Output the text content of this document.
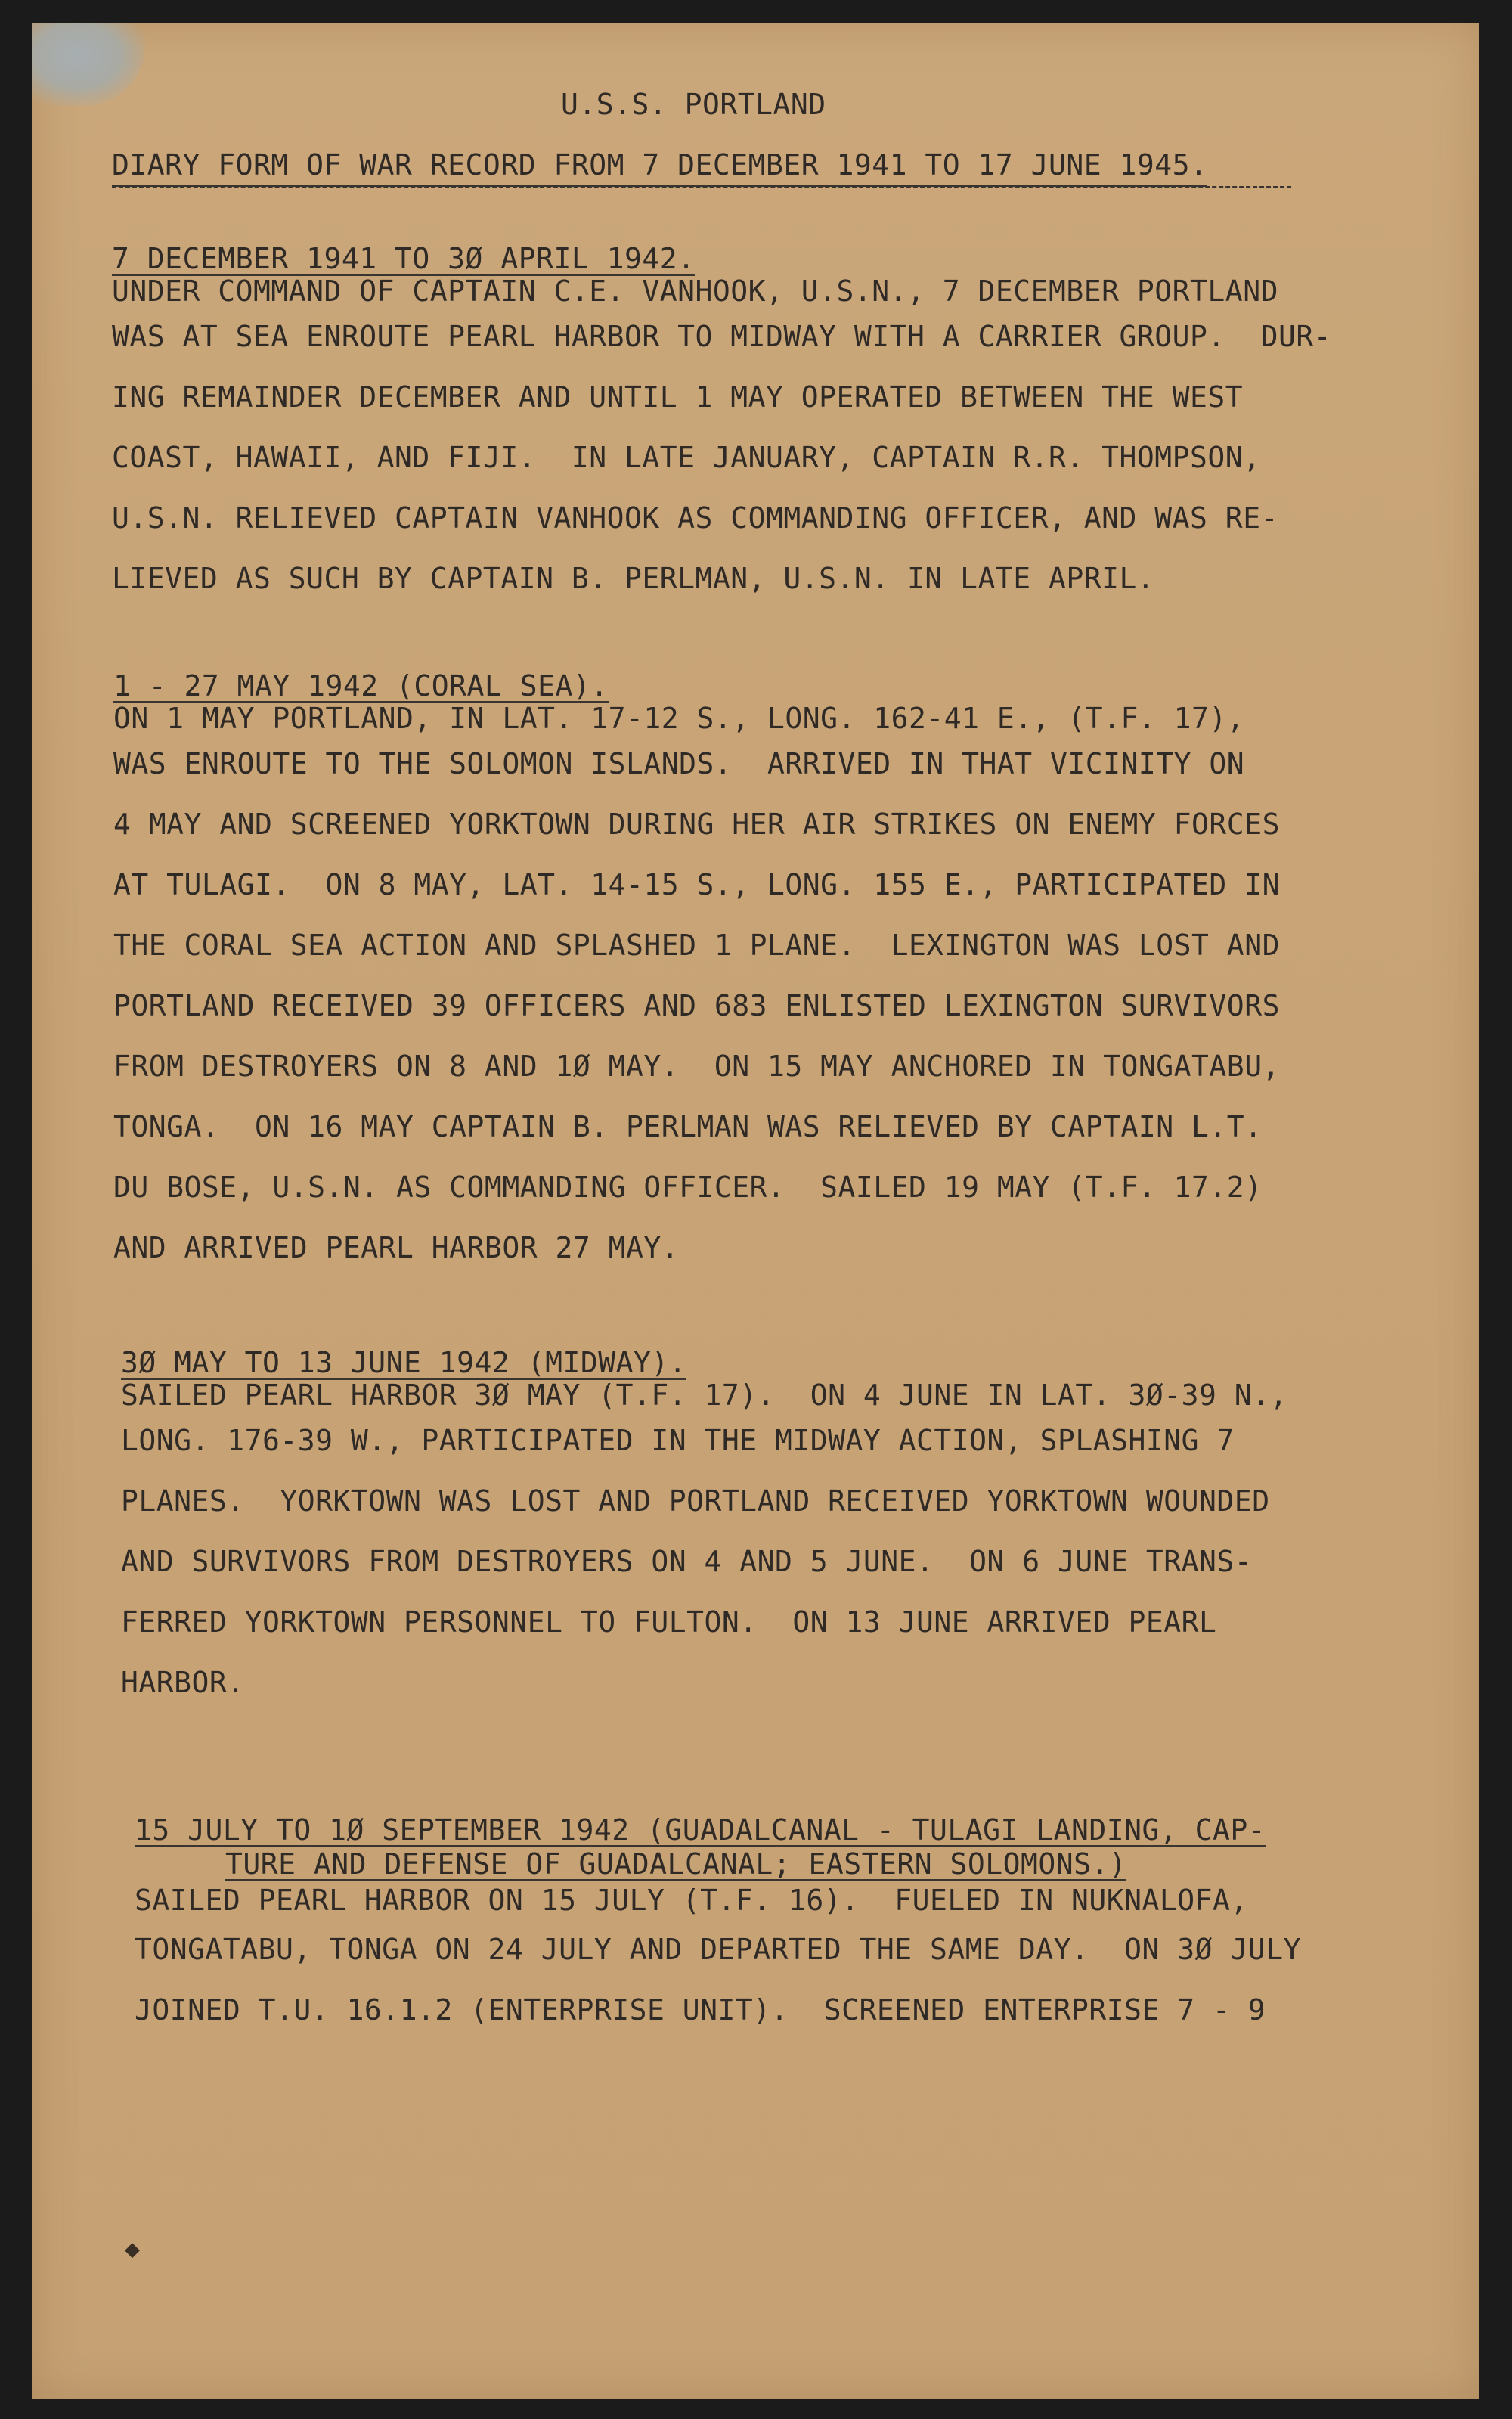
U.S.S. PORTLAND
DIARY FORM OF WAR RECORD FROM 7 DECEMBER 1941 TO 17 JUNE 1945.
7 DECEMBER 1941 TO 3Ø APRIL 1942.
UNDER COMMAND OF CAPTAIN C.E. VANHOOK, U.S.N., 7 DECEMBER PORTLAND
WAS AT SEA ENROUTE PEARL HARBOR TO MIDWAY WITH A CARRIER GROUP.  DUR-
ING REMAINDER DECEMBER AND UNTIL 1 MAY OPERATED BETWEEN THE WEST
COAST, HAWAII, AND FIJI.  IN LATE JANUARY, CAPTAIN R.R. THOMPSON,
U.S.N. RELIEVED CAPTAIN VANHOOK AS COMMANDING OFFICER, AND WAS RE-
LIEVED AS SUCH BY CAPTAIN B. PERLMAN, U.S.N. IN LATE APRIL.
1 - 27 MAY 1942 (CORAL SEA).
ON 1 MAY PORTLAND, IN LAT. 17-12 S., LONG. 162-41 E., (T.F. 17),
WAS ENROUTE TO THE SOLOMON ISLANDS.  ARRIVED IN THAT VICINITY ON
4 MAY AND SCREENED YORKTOWN DURING HER AIR STRIKES ON ENEMY FORCES
AT TULAGI.  ON 8 MAY, LAT. 14-15 S., LONG. 155 E., PARTICIPATED IN
THE CORAL SEA ACTION AND SPLASHED 1 PLANE.  LEXINGTON WAS LOST AND
PORTLAND RECEIVED 39 OFFICERS AND 683 ENLISTED LEXINGTON SURVIVORS
FROM DESTROYERS ON 8 AND 1Ø MAY.  ON 15 MAY ANCHORED IN TONGATABU,
TONGA.  ON 16 MAY CAPTAIN B. PERLMAN WAS RELIEVED BY CAPTAIN L.T.
DU BOSE, U.S.N. AS COMMANDING OFFICER.  SAILED 19 MAY (T.F. 17.2)
AND ARRIVED PEARL HARBOR 27 MAY.
3Ø MAY TO 13 JUNE 1942 (MIDWAY).
SAILED PEARL HARBOR 3Ø MAY (T.F. 17).  ON 4 JUNE IN LAT. 3Ø-39 N.,
LONG. 176-39 W., PARTICIPATED IN THE MIDWAY ACTION, SPLASHING 7
PLANES.  YORKTOWN WAS LOST AND PORTLAND RECEIVED YORKTOWN WOUNDED
AND SURVIVORS FROM DESTROYERS ON 4 AND 5 JUNE.  ON 6 JUNE TRANS-
FERRED YORKTOWN PERSONNEL TO FULTON.  ON 13 JUNE ARRIVED PEARL
HARBOR.
15 JULY TO 1Ø SEPTEMBER 1942 (GUADALCANAL - TULAGI LANDING, CAP-
TURE AND DEFENSE OF GUADALCANAL; EASTERN SOLOMONS.)
SAILED PEARL HARBOR ON 15 JULY (T.F. 16).  FUELED IN NUKNALOFA,
TONGATABU, TONGA ON 24 JULY AND DEPARTED THE SAME DAY.  ON 3Ø JULY
JOINED T.U. 16.1.2 (ENTERPRISE UNIT).  SCREENED ENTERPRISE 7 - 9
◆
